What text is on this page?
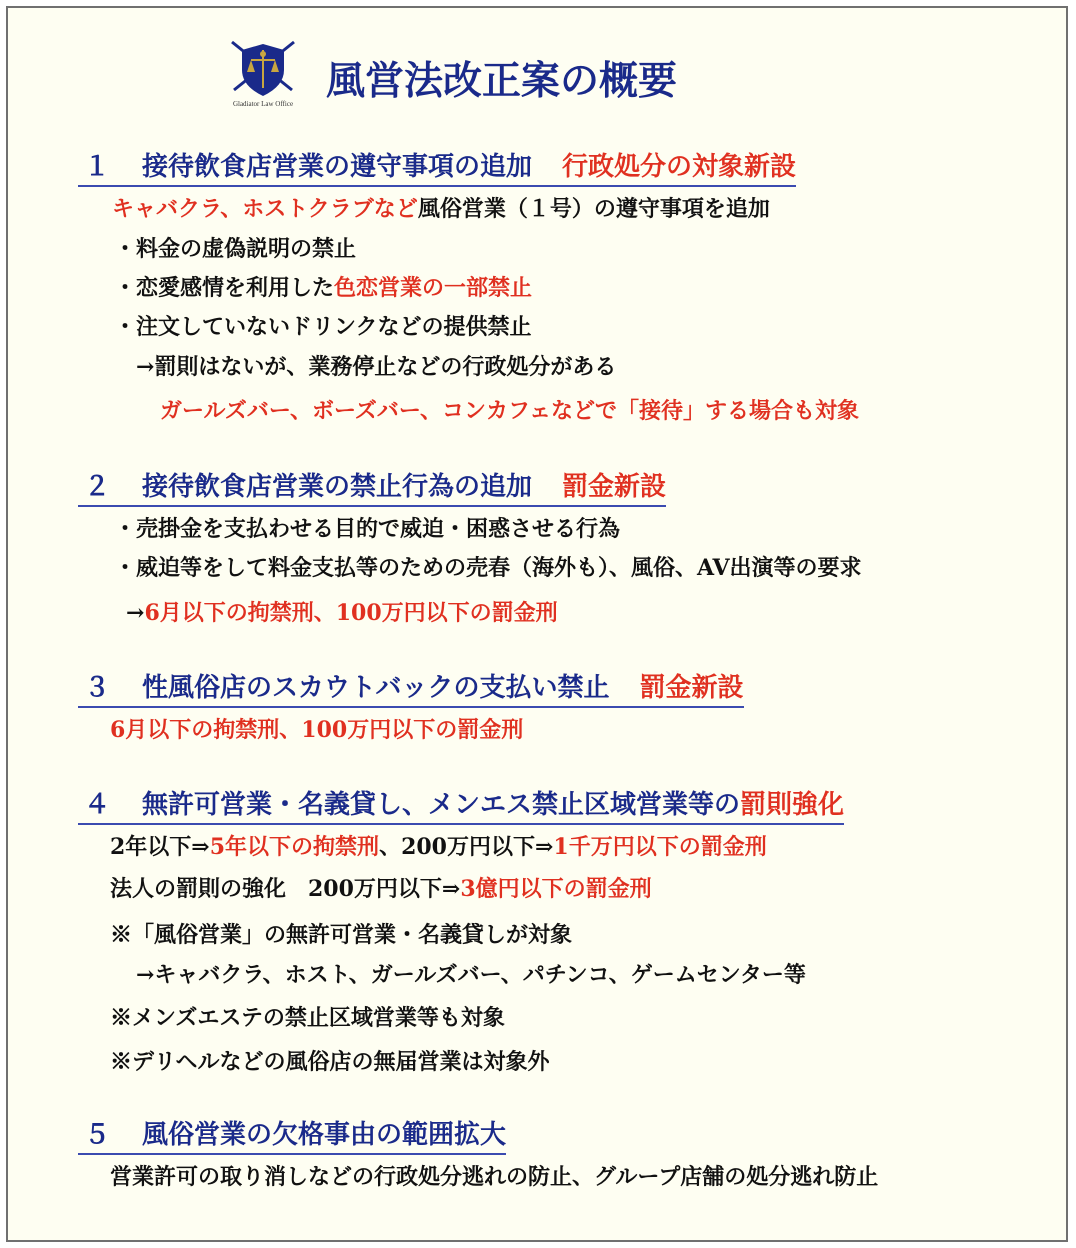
Gladiator Law Office 風営法改正案の概要
１ 接待飲食店営業の遵守事項の追加 行政処分の対象新設
キャバクラ、ホストクラブなど風俗営業（１号）の遵守事項を追加
・料金の虚偽説明の禁止
・恋愛感情を利用した色恋営業の一部禁止
・注文していないドリンクなどの提供禁止
→罰則はないが、業務停止などの行政処分がある
ガールズバー、ボーズバー、コンカフェなどで「接待」する場合も対象
２ 接待飲食店営業の禁止行為の追加 罰金新設
・売掛金を支払わせる目的で威迫・困惑させる行為
・威迫等をして料金支払等のための売春（海外も）、風俗、AV出演等の要求
→6月以下の拘禁刑、100万円以下の罰金刑
３ 性風俗店のスカウトバックの支払い禁止 罰金新設
6月以下の拘禁刑、100万円以下の罰金刑
４ 無許可営業・名義貸し、メンエス禁止区域営業等の罰則強化
2年以下⇒5年以下の拘禁刑、200万円以下⇒1千万円以下の罰金刑
法人の罰則の強化　200万円以下⇒3億円以下の罰金刑
※「風俗営業」の無許可営業・名義貸しが対象
→キャバクラ、ホスト、ガールズバー、パチンコ、ゲームセンター等
※メンズエステの禁止区域営業等も対象
※デリヘルなどの風俗店の無届営業は対象外
５ 風俗営業の欠格事由の範囲拡大
営業許可の取り消しなどの行政処分逃れの防止、グループ店舗の処分逃れ防止
